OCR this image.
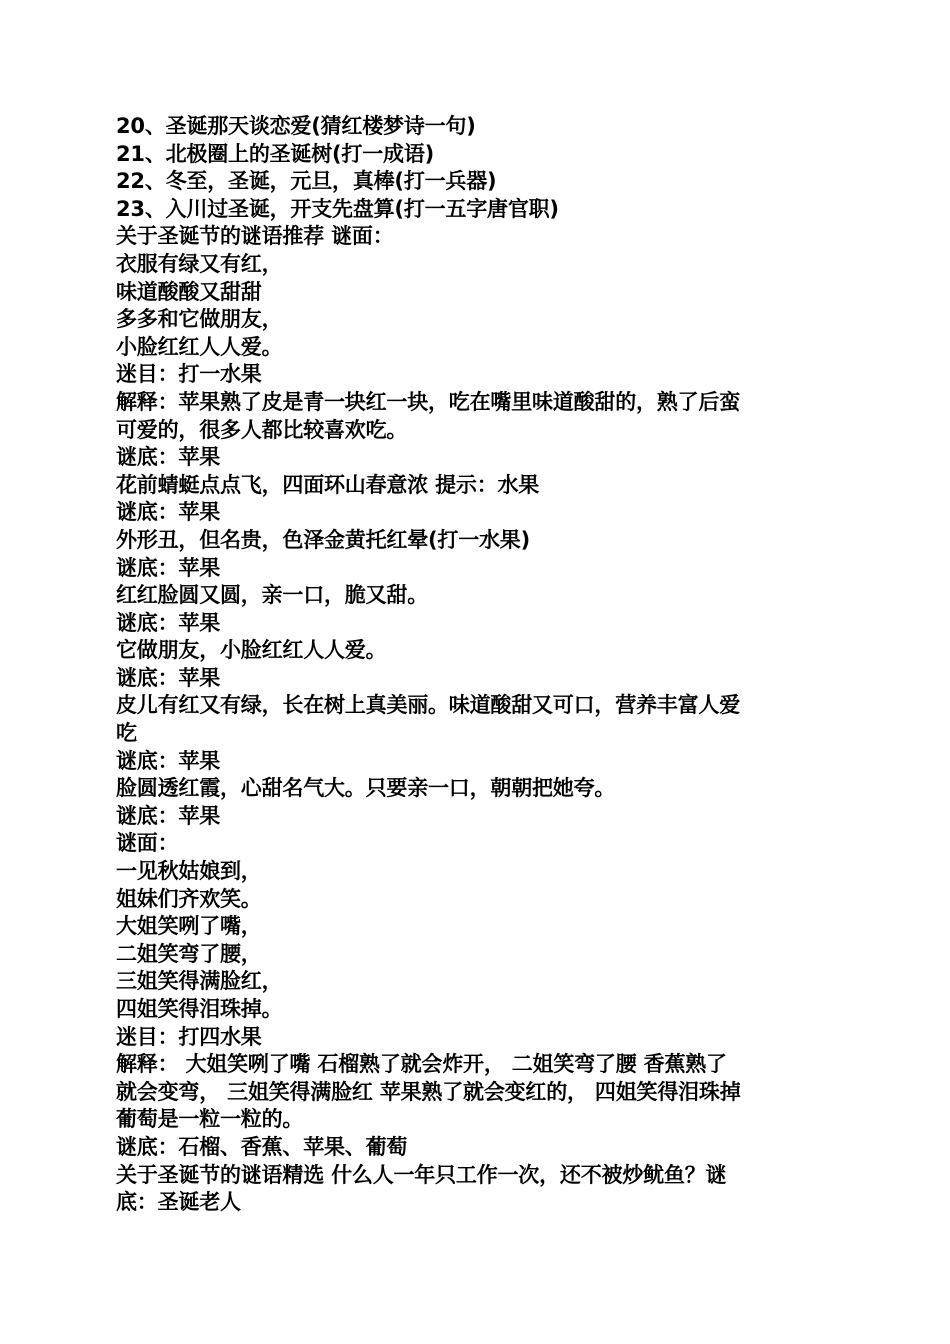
20、圣诞那天谈恋爱(猜红楼梦诗一句)
21、北极圈上的圣诞树(打一成语)
22、冬至，圣诞，元旦，真棒(打一兵器)
23、入川过圣诞，开支先盘算(打一五字唐官职)
关于圣诞节的谜语推荐 谜面：
衣服有绿又有红，
味道酸酸又甜甜
多多和它做朋友，
小脸红红人人爱。
迷目：打一水果
解释：苹果熟了皮是青一块红一块，吃在嘴里味道酸甜的，熟了后蛮
可爱的，很多人都比较喜欢吃。
谜底：苹果
花前蜻蜓点点飞，四面环山春意浓 提示：水果
谜底：苹果
外形丑，但名贵，色泽金黄托红晕(打一水果)
谜底：苹果
红红脸圆又圆，亲一口，脆又甜。
谜底：苹果
它做朋友，小脸红红人人爱。
谜底：苹果
皮儿有红又有绿，长在树上真美丽。味道酸甜又可口，营养丰富人爱
吃
谜底：苹果
脸圆透红霞，心甜名气大。只要亲一口，朝朝把她夸。
谜底：苹果
谜面：
一见秋姑娘到，
姐妹们齐欢笑。
大姐笑咧了嘴，
二姐笑弯了腰，
三姐笑得满脸红，
四姐笑得泪珠掉。
迷目：打四水果
解释： 大姐笑咧了嘴 石榴熟了就会炸开， 二姐笑弯了腰 香蕉熟了
就会变弯， 三姐笑得满脸红 苹果熟了就会变红的， 四姐笑得泪珠掉
葡萄是一粒一粒的。
谜底：石榴、香蕉、苹果、葡萄
关于圣诞节的谜语精选 什么人一年只工作一次，还不被炒鱿鱼？谜
底：圣诞老人
